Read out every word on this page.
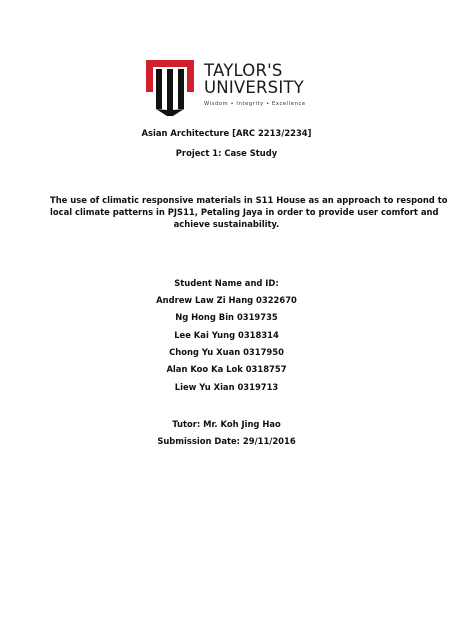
TAYLOR'S
UNIVERSITY
Wisdom • Integrity • Excellence
Asian Architecture [ARC 2213/2234]
Project 1: Case Study
The use of climatic responsive materials in S11 House as an approach to respond to
local climate patterns in PJS11, Petaling Jaya in order to provide user comfort and
achieve sustainability.
Student Name and ID:
Andrew Law Zi Hang 0322670
Ng Hong Bin 0319735
Lee Kai Yung 0318314
Chong Yu Xuan 0317950
Alan Koo Ka Lok 0318757
Liew Yu Xian 0319713
Tutor: Mr. Koh Jing Hao
Submission Date: 29/11/2016
